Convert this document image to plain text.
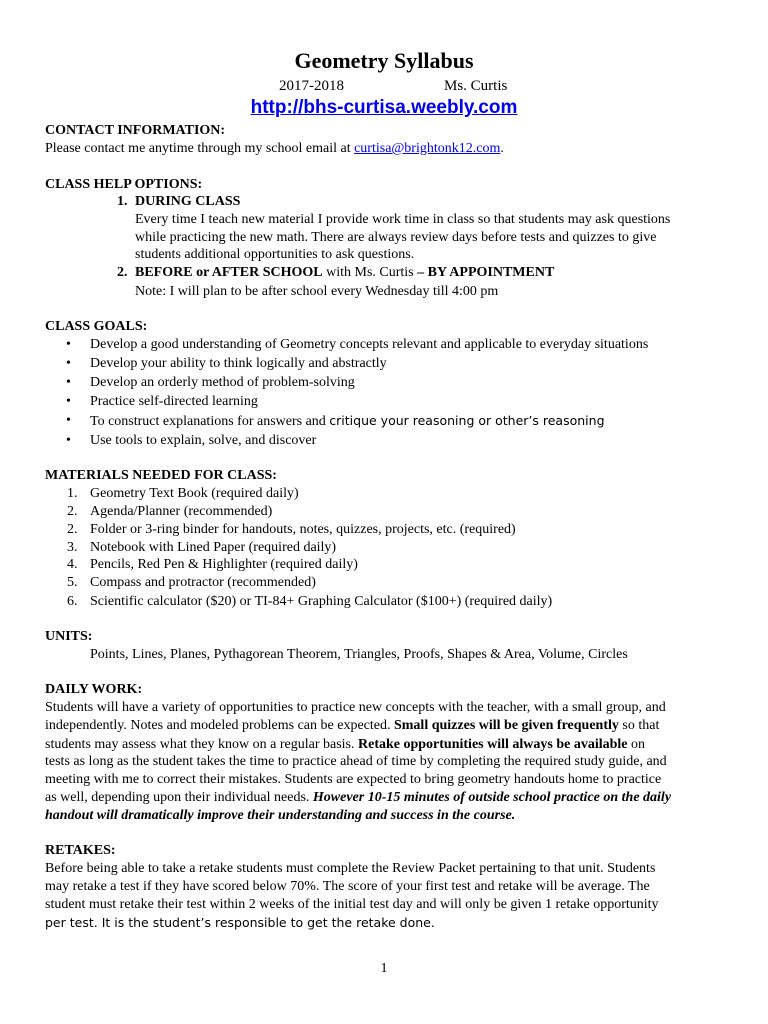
Geometry Syllabus
2017-2018	Ms. Curtis
http://bhs-curtisa.weebly.com
CONTACT INFORMATION:
Please contact me anytime through my school email at curtisa@brightonk12.com.
CLASS HELP OPTIONS:
1. DURING CLASS
Every time I teach new material I provide work time in class so that students may ask questions
while practicing the new math. There are always review days before tests and quizzes to give
students additional opportunities to ask questions.
2. BEFORE or AFTER SCHOOL with Ms. Curtis – BY APPOINTMENT
Note: I will plan to be after school every Wednesday till 4:00 pm
CLASS GOALS:
• Develop a good understanding of Geometry concepts relevant and applicable to everyday situations
• Develop your ability to think logically and abstractly
• Develop an orderly method of problem-solving
• Practice self-directed learning
• To construct explanations for answers and critique your reasoning or other’s reasoning
• Use tools to explain, solve, and discover
MATERIALS NEEDED FOR CLASS:
1. Geometry Text Book (required daily)
2. Agenda/Planner (recommended)
2. Folder or 3-ring binder for handouts, notes, quizzes, projects, etc. (required)
3. Notebook with Lined Paper (required daily)
4. Pencils, Red Pen & Highlighter (required daily)
5. Compass and protractor (recommended)
6. Scientific calculator ($20) or TI-84+ Graphing Calculator ($100+) (required daily)
UNITS:
Points, Lines, Planes, Pythagorean Theorem, Triangles, Proofs, Shapes & Area, Volume, Circles
DAILY WORK:
Students will have a variety of opportunities to practice new concepts with the teacher, with a small group, and
independently. Notes and modeled problems can be expected. Small quizzes will be given frequently so that
students may assess what they know on a regular basis. Retake opportunities will always be available on
tests as long as the student takes the time to practice ahead of time by completing the required study guide, and
meeting with me to correct their mistakes. Students are expected to bring geometry handouts home to practice
as well, depending upon their individual needs. However 10-15 minutes of outside school practice on the daily
handout will dramatically improve their understanding and success in the course.
RETAKES:
Before being able to take a retake students must complete the Review Packet pertaining to that unit. Students
may retake a test if they have scored below 70%. The score of your first test and retake will be average. The
student must retake their test within 2 weeks of the initial test day and will only be given 1 retake opportunity
per test. It is the student’s responsible to get the retake done.
1
